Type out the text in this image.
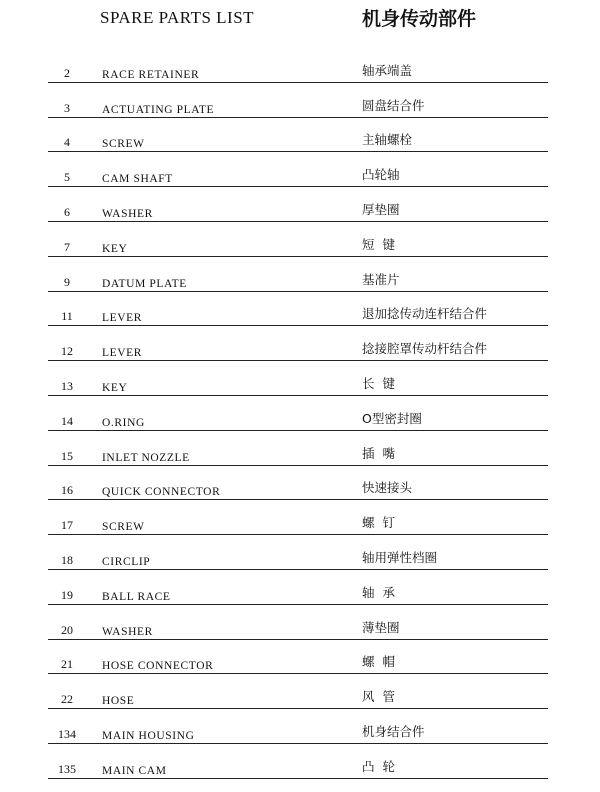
SPARE PARTS LIST	机身传动部件
2	RACE RETAINER	轴承端盖
3	ACTUATING PLATE	圆盘结合件
4	SCREW	主轴螺栓
5	CAM SHAFT	凸轮轴
6	WASHER	厚垫圈
7	KEY	短  键
9	DATUM PLATE	基准片
11	LEVER	退加捻传动连杆结合件
12	LEVER	捻接腔罩传动杆结合件
13	KEY	长  键
14	O.RING	O型密封圈
15	INLET NOZZLE	插  嘴
16	QUICK CONNECTOR	快速接头
17	SCREW	螺  钉
18	CIRCLIP	轴用弹性档圈
19	BALL RACE	轴  承
20	WASHER	薄垫圈
21	HOSE CONNECTOR	螺  帽
22	HOSE	风  管
134	MAIN HOUSING	机身结合件
135	MAIN CAM	凸  轮
